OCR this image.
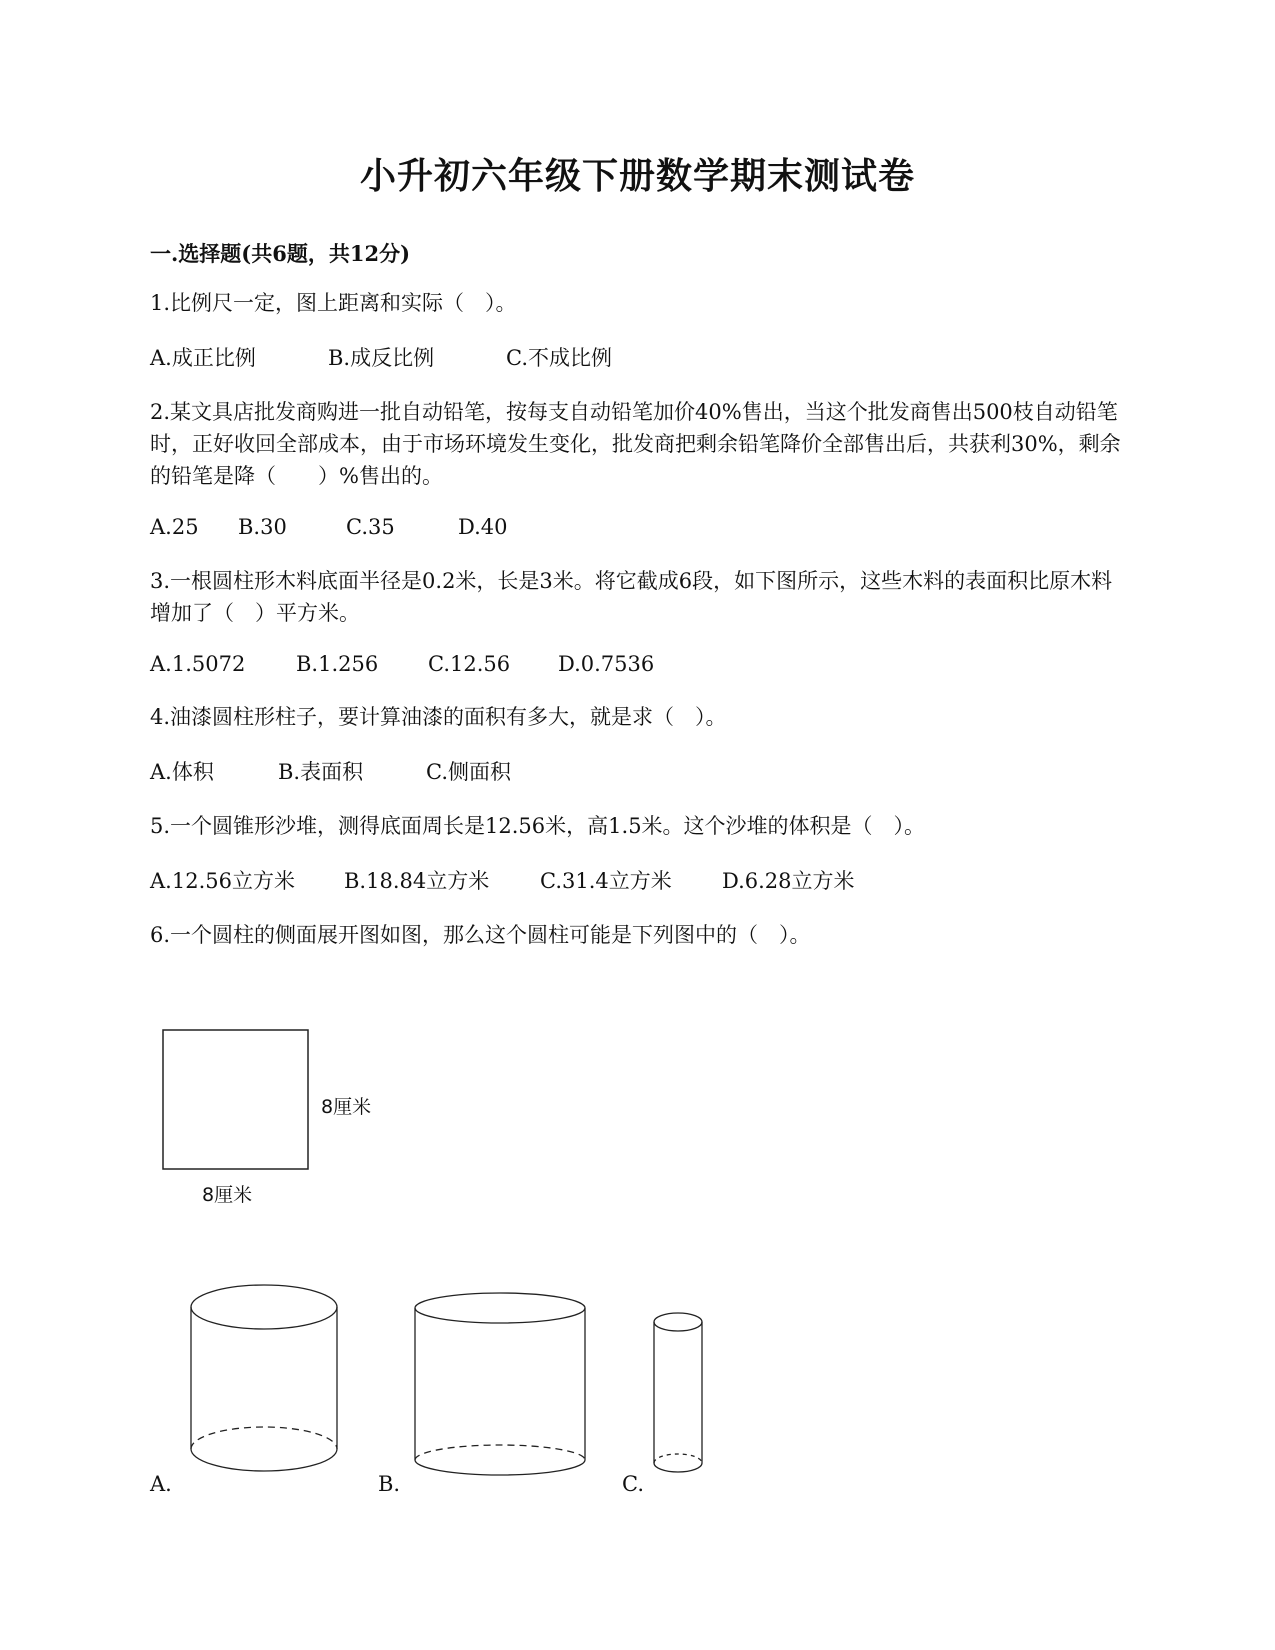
小升初六年级下册数学期末测试卷
一.选择题(共6题，共12分)
1.比例尺一定，图上距离和实际（　）。
A.成正比例	B.成反比例	C.不成比例
2.某文具店批发商购进一批自动铅笔，按每支自动铅笔加价40%售出，当这个批发商售出500枝自动铅笔时，正好收回全部成本，由于市场环境发生变化，批发商把剩余铅笔降价全部售出后，共获利30%，剩余的铅笔是降（　　）%售出的。
A.25 B.30	C.35	D.40
3.一根圆柱形木料底面半径是0.2米，长是3米。将它截成6段，如下图所示，这些木料的表面积比原木料增加了（　）平方米。
A.1.5072 B.1.256 C.12.56 D.0.7536
4.油漆圆柱形柱子，要计算油漆的面积有多大，就是求（　）。
A.体积	B.表面积	C.侧面积
5.一个圆锥形沙堆，测得底面周长是12.56米，高1.5米。这个沙堆的体积是（　）。
A.12.56立方米 B.18.84立方米 C.31.4立方米 D.6.28立方米
6.一个圆柱的侧面展开图如图，那么这个圆柱可能是下列图中的（　）。
8厘米
8厘米
A.	B.	C.
